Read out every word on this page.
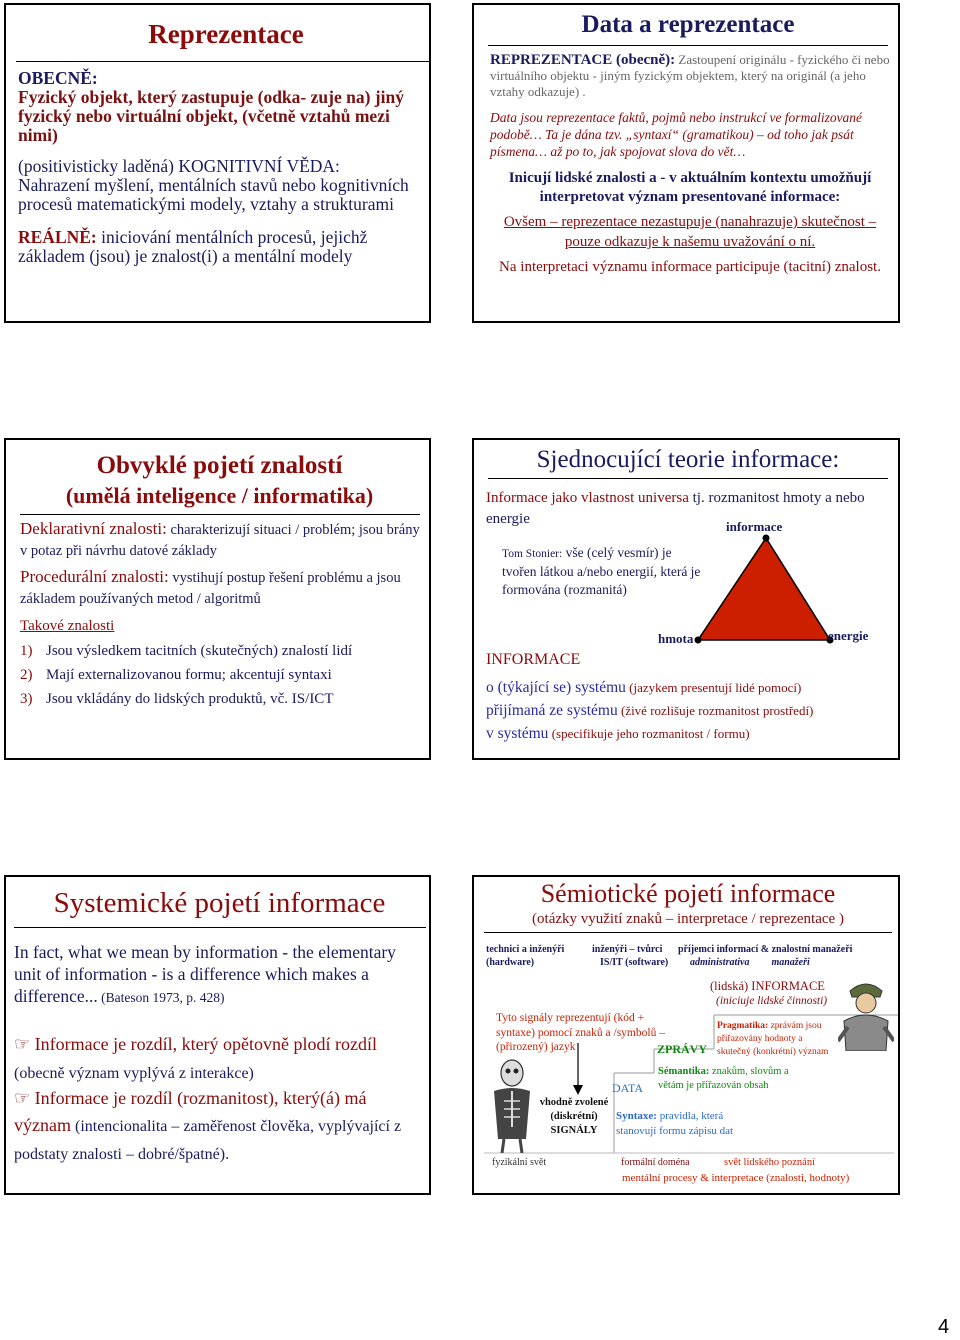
Reprezentace

OBECNĚ:

Fyzický objekt, který zastupuje (odka- zuje na) jiný fyzický nebo virtuální objekt, (včetně vztahů mezi nimi)

(positivisticky laděná) KOGNITIVNÍ VĚDA:

Nahrazení myšlení, mentálních stavů nebo kognitivních procesů matematickými modely, vztahy a strukturami

REÁLNĚ: iniciování mentálních procesů, jejichž základem (jsou) je znalost(i) a mentální modely

Data a reprezentace

REPREZENTACE (obecně): Zastoupení originálu - fyzického či nebo virtuálního objektu - jiným fyzickým objektem, který na originál (a jeho vztahy odkazuje) .

Data jsou reprezentace faktů, pojmů nebo instrukcí ve formalizované podobě… Ta je dána tzv. „syntaxí“ (gramatikou) – od toho jak psát písmena… až po to, jak spojovat slova do vět…

Inicují lidské znalosti a - v aktuálním kontextu umožňují interpretovat význam presentované informace:

Ovšem – reprezentace nezastupuje (nanahrazuje) skutečnost – pouze odkazuje k našemu uvažování o ní.

Na interpretaci významu informace participuje (tacitní) znalost.

Obvyklé pojetí znalostí
(umělá inteligence / informatika)

Deklarativní znalosti: charakterizují situaci / problém; jsou brány v potaz při návrhu datové základy

Procedurální znalosti: vystihují postup řešení problému a jsou základem používaných metod / algoritmů

Takové znalosti

1) Jsou výsledkem tacitních (skutečných) znalostí lidí
2) Mají externalizovanou formu; akcentují syntaxi
3) Jsou vkládány do lidských produktů, vč. IS/ICT
Sjednocující teorie informace:
Informace jako vlastnost universa tj. rozmanitost hmoty a nebo energie
Tom Stonier: vše (celý vesmír) je tvořen látkou a/nebo energií, která je formována (rozmanitá)
informace
hmota	energie
INFORMACE

o (týkající se) systému (jazykem presentují lidé pomocí)

přijímaná ze systému (živé rozlišuje rozmanitost prostředí)

v systému (specifikuje jeho rozmanitost / formu)

Systemické pojetí informace
In fact, what we mean by information - the elementary unit of information - is a difference which makes a difference... (Bateson 1973, p. 428)
☞ Informace je rozdíl, který opětovně plodí rozdíl (obecně význam vyplývá z interakce)
☞ Informace je rozdíl (rozmanitost), který(á) má význam (intencionalita – zaměřenost člověka, vyplývající z podstaty znalosti – dobré/špatné).
Sémiotické pojetí informace
(otázky využití znaků – interpretace / reprezentace )
technici a inženýři (hardware)

inženýři – tvůrci

IS/IT (software)

příjemci informací & znalostní manažeři

administrativa manažeři

(lidská) INFORMACE
(iniciuje lidské činnosti)
Tyto signály reprezentují (kód + syntaxe) pomocí znaků a /symbolů – (přirozený) jazyk	ZPRÁVY
Pragmatika: zprávám jsou přiřazovány hodnoty a skutečný (konkrétní) význam
Sémantika: znakům, slovům a větám je přiřazován obsah
DATA
vhodně zvolené (diskrétní) SIGNÁLY
Syntaxe: pravidla, která stanovují formu zápisu dat
fyzikální svět	formální doména	svět lidského poznání
mentální procesy & interpretace (znalosti, hodnoty)
4
